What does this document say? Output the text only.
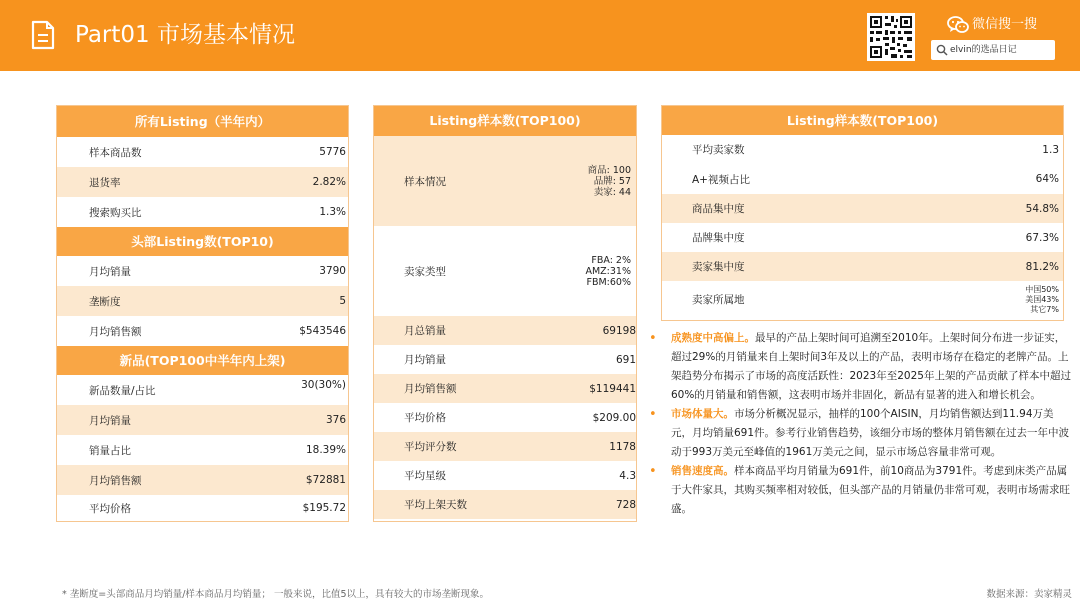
Part01 市场基本情况	微信搜一搜
elvin的选品日记
所有Listing（半年内）
样本商品数	5776
退货率	2.82%
搜索购买比	1.3%
头部Listing数(TOP10)
月均销量	3790
垄断度	5
月均销售额	$543546
新品(TOP100中半年内上架)
新品数量/占比	30(30%)
月均销量	376
销量占比	18.39%
月均销售额	$72881
平均价格	$195.72
Listing样本数(TOP100)
样本情况
商品: 100
品牌: 57
卖家: 44
卖家类型
FBA: 2%
AMZ:31%
FBM:60%
月总销量	69198
月均销量	691
月均销售额	$119441
平均价格	$209.00
平均评分数	1178
平均星级	4.3
平均上架天数	728
Listing样本数(TOP100)
平均卖家数	1.3
A+视频占比	64%
商品集中度	54.8%
品牌集中度	67.3%
卖家集中度	81.2%
卖家所属地
中国50%
美国43%
其它7%

• 成熟度中高偏上。最早的产品上架时间可追溯至2010年。上架时间分布进一步证实，超过29%的月销量来自上架时间3年及以上的产品，表明市场存在稳定的老牌产品。上架趋势分布揭示了市场的高度活跃性：2023年至2025年上架的产品贡献了样本中超过60%的月销量和销售额，这表明市场并非固化，新品有显著的进入和增长机会。

• 市场体量大。市场分析概况显示，抽样的100个AISIN，月均销售额达到11.94万美元，月均销量691件。参考行业销售趋势，该细分市场的整体月销售额在过去一年中波动于993万美元至峰值的1961万美元之间，显示市场总容量非常可观。

• 销售速度高。样本商品平均月销量为691件，前10商品为3791件。考虑到床类产品属于大件家具，其购买频率相对较低，但头部产品的月销量仍非常可观，表明市场需求旺盛。

* 垄断度=头部商品月均销量/样本商品月均销量； 一般来说，比值5以上，具有较大的市场垄断现象。	数据来源：卖家精灵
